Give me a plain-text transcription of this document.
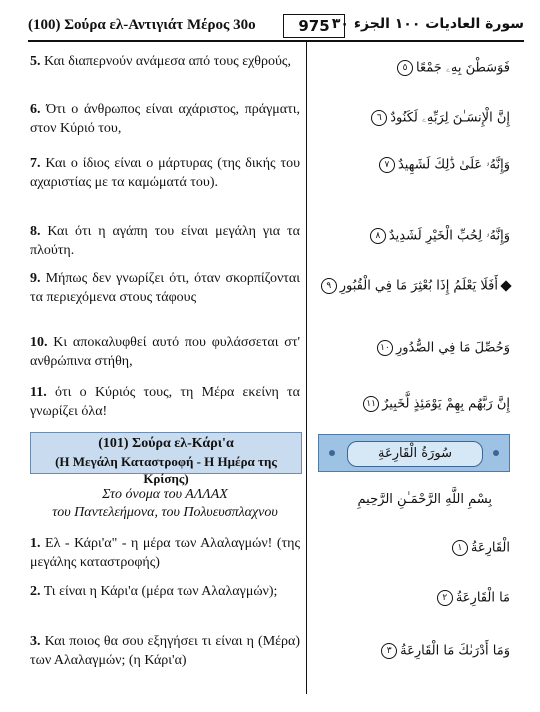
(100) Σούρα ελ-Αντιγιάτ Μέρος 30ο	975 سورة العاديات ١٠٠ الجزء ٣٠
5. Και διαπερνούν ανάμεσα από τους εχθρούς,
6. Ότι ο άνθρωπος είναι αχάριστος, πράγματι, στον Κύριό του,
7. Και ο ίδιος είναι ο μάρτυρας (της δικής του αχαριστίας με τα καμώματά του).
8. Και ότι η αγάπη του είναι μεγάλη για τα πλούτη.
9. Μήπως δεν γνωρίζει ότι, όταν σκορπίζονται τα περιεχόμενα στους τάφους
10. Κι αποκαλυφθεί αυτό που φυλάσσεται στ' ανθρώπινα στήθη,
11. ότι ο Κύριός τους, τη Μέρα εκείνη τα γνωρίζει όλα!
فَوَسَطْنَ بِهِۦ جَمْعًا٥
إِنَّ الْإِنسَـٰنَ لِرَبِّهِۦ لَكَنُودٌ٦
وَإِنَّهُۥ عَلَىٰ ذَٰلِكَ لَشَهِيدٌ٧
وَإِنَّهُۥ لِحُبِّ الْخَيْرِ لَشَدِيدٌ٨
أَفَلَا يَعْلَمُ إِذَا بُعْثِرَ مَا فِي الْقُبُورِ٩
وَحُصِّلَ مَا فِي الصُّدُورِ١٠
إِنَّ رَبَّهُم بِهِمْ يَوْمَئِذٍ لَّخَبِيرٌ١١
(101) Σούρα ελ-Κάρι'α
(Η Μεγάλη Καταστροφή - Η Ημέρα της Κρίσης)
سُورَةُ الْقَارِعَةِ
Στο όνομα του ΑΛΛΑΧ
του Παντελεήμονα, του Πολυευσπλαχνου
بِسْمِ اللَّهِ الرَّحْمَـٰنِ الرَّحِيمِ
1. Ελ - Κάρι'α" - η μέρα των Αλαλαγμών! (της μεγάλης καταστροφής)
2. Τι είναι η Κάρι'α (μέρα των Αλαλαγμών);
3. Και ποιος θα σου εξηγήσει τι είναι η (Μέρα) των Αλαλαγμών; (η Κάρι'α)
الْقَارِعَةُ١
مَا الْقَارِعَةُ٢
وَمَا أَدْرَىٰكَ مَا الْقَارِعَةُ٣
